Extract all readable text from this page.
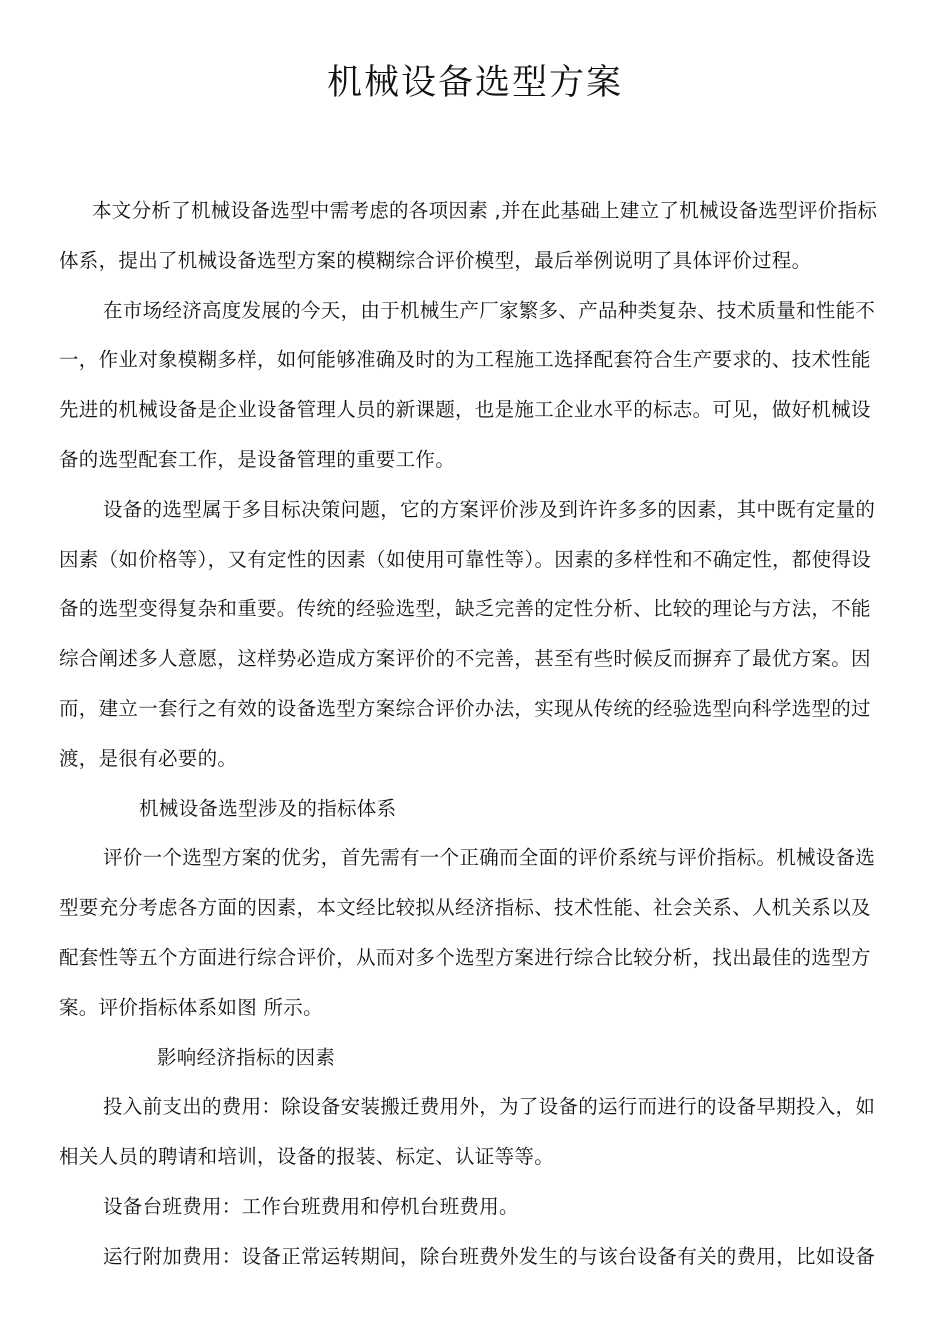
机械设备选型方案
本文分析了机械设备选型中需考虑的各项因素 ,并在此基础上建立了机械设备选型评价指标
体系，提出了机械设备选型方案的模糊综合评价模型，最后举例说明了具体评价过程。
在市场经济高度发展的今天，由于机械生产厂家繁多、产品种类复杂、技术质量和性能不
一，作业对象模糊多样，如何能够准确及时的为工程施工选择配套符合生产要求的、技术性能
先进的机械设备是企业设备管理人员的新课题，也是施工企业水平的标志。可见，做好机械设
备的选型配套工作，是设备管理的重要工作。
设备的选型属于多目标决策问题，它的方案评价涉及到许许多多的因素，其中既有定量的
因素（如价格等），又有定性的因素（如使用可靠性等）。因素的多样性和不确定性，都使得设
备的选型变得复杂和重要。传统的经验选型，缺乏完善的定性分析、比较的理论与方法，不能
综合阐述多人意愿，这样势必造成方案评价的不完善，甚至有些时候反而摒弃了最优方案。因
而，建立一套行之有效的设备选型方案综合评价办法，实现从传统的经验选型向科学选型的过
渡，是很有必要的。
机械设备选型涉及的指标体系
评价一个选型方案的优劣，首先需有一个正确而全面的评价系统与评价指标。机械设备选
型要充分考虑各方面的因素，本文经比较拟从经济指标、技术性能、社会关系、人机关系以及
配套性等五个方面进行综合评价，从而对多个选型方案进行综合比较分析，找出最佳的选型方
案。评价指标体系如图 所示。
影响经济指标的因素
投入前支出的费用：除设备安装搬迁费用外，为了设备的运行而进行的设备早期投入，如
相关人员的聘请和培训，设备的报装、标定、认证等等。
设备台班费用：工作台班费用和停机台班费用。
运行附加费用：设备正常运转期间，除台班费外发生的与该台设备有关的费用，比如设备
